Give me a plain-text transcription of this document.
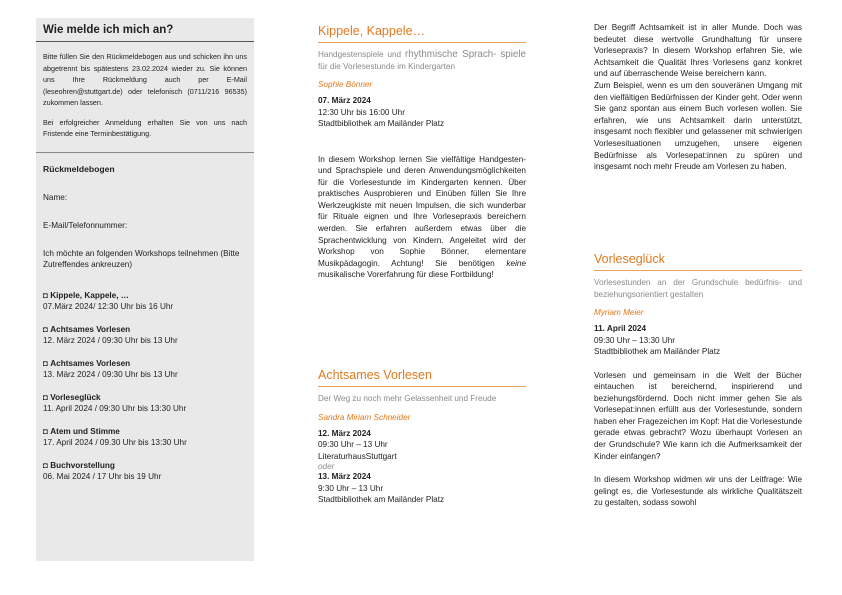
Wie melde ich mich an?
Bitte füllen Sie den Rückmeldebogen aus und schicken ihn uns abgetrennt bis spätestens 23.02.2024 wieder zu. Sie können uns Ihre Rückmeldung auch per E-Mail (leseohren@stuttgart.de) oder telefonisch (0711/216 96535) zukommen lassen.
Bei erfolgreicher Anmeldung erhalten Sie von uns nach Fristende eine Terminbestätigung.
Rückmeldebogen
Name:
E-Mail/Telefonnummer:
Ich möchte an folgenden Workshops teilnehmen (Bitte Zutreffendes ankreuzen)
◘ Kippele, Kappele, …
07.März 2024/ 12:30 Uhr bis 16 Uhr
◘ Achtsames Vorlesen
12. März 2024 / 09:30 Uhr bis 13 Uhr
◘ Achtsames Vorlesen
13. März 2024 / 09:30 Uhr bis 13 Uhr
◘ Vorleseglück
11. April 2024 / 09:30 Uhr bis 13:30 Uhr
◘ Atem und Stimme
17. April 2024 / 09.30 Uhr bis 13:30 Uhr
◘ Buchvorstellung
06. Mai 2024 / 17 Uhr bis 19 Uhr
Kippele, Kappele…
Handgestenspiele und rhythmische Sprach- spiele für die Vorlesestunde im Kindergarten
Sophie Bönner
07. März 2024
12:30 Uhr bis 16:00 Uhr
Stadtbibliothek am Mailänder Platz
In diesem Workshop lernen Sie vielfältige Handgesten- und Sprachspiele und deren Anwendungsmöglichkeiten für die Vorlesestunde im Kindergarten kennen. Über praktisches Ausprobieren und Einüben füllen Sie Ihre Werkzeugkiste mit neuen Impulsen, die sich wunderbar für Rituale eignen und Ihre Vorlesepraxis bereichern werden. Sie erfahren außerdem etwas über die Sprachentwicklung von Kindern. Angeleitet wird der Workshop von Sophie Bönner, elementare Musikpädagogin. Achtung! Sie benötigen keine musikalische Vorerfahrung für diese Fortbildung!
Achtsames Vorlesen
Der Weg zu noch mehr Gelassenheit und Freude
Sandra Miriam Schneider
12. März 2024
09:30 Uhr – 13 Uhr
LiteraturhausStuttgart
oder
13. März 2024
9:30 Uhr – 13 Uhr
Stadtbibliothek am Mailänder Platz
Der Begriff Achtsamkeit ist in aller Munde. Doch was bedeutet diese wertvolle Grundhaltung für unsere Vorlesepraxis? In diesem Workshop erfahren Sie, wie Achtsamkeit die Qualität Ihres Vorlesens ganz konkret und auf überraschende Weise bereichern kann.
Zum Beispiel, wenn es um den souveränen Umgang mit den vielfältigen Bedürfnissen der Kinder geht. Oder wenn Sie ganz spontan aus einem Buch vorlesen wollen. Sie erfahren, wie uns Achtsamkeit darin unterstützt, insgesamt noch flexibler und gelassener mit schwierigen Vorlesesituationen umzugehen, unsere eigenen Bedürfnisse als Vorlesepat:innen zu spüren und insgesamt noch mehr Freude am Vorlesen zu haben.
Vorleseglück
Vorlesestunden an der Grundschule bedürfnis- und beziehungsorientiert gestalten
Myriam Meier
11. April 2024
09:30 Uhr – 13:30 Uhr
Stadtbibliothek am Mailänder Platz
Vorlesen und gemeinsam in die Welt der Bücher eintauchen ist bereichernd, inspirierend und beziehungsfördernd. Doch nicht immer gehen Sie als Vorlesepat:innen erfüllt aus der Vorlesestunde, sondern haben eher Fragezeichen im Kopf: Hat die Vorlesestunde gerade etwas gebracht? Wozu überhaupt Vorlesen an der Grundschule? Wie kann ich die Aufmerksamkeit der Kinder einfangen?
In diesem Workshop widmen wir uns der Leitfrage: Wie gelingt es, die Vorlesestunde als wirkliche Qualitätszeit zu gestalten, sodass sowohl
